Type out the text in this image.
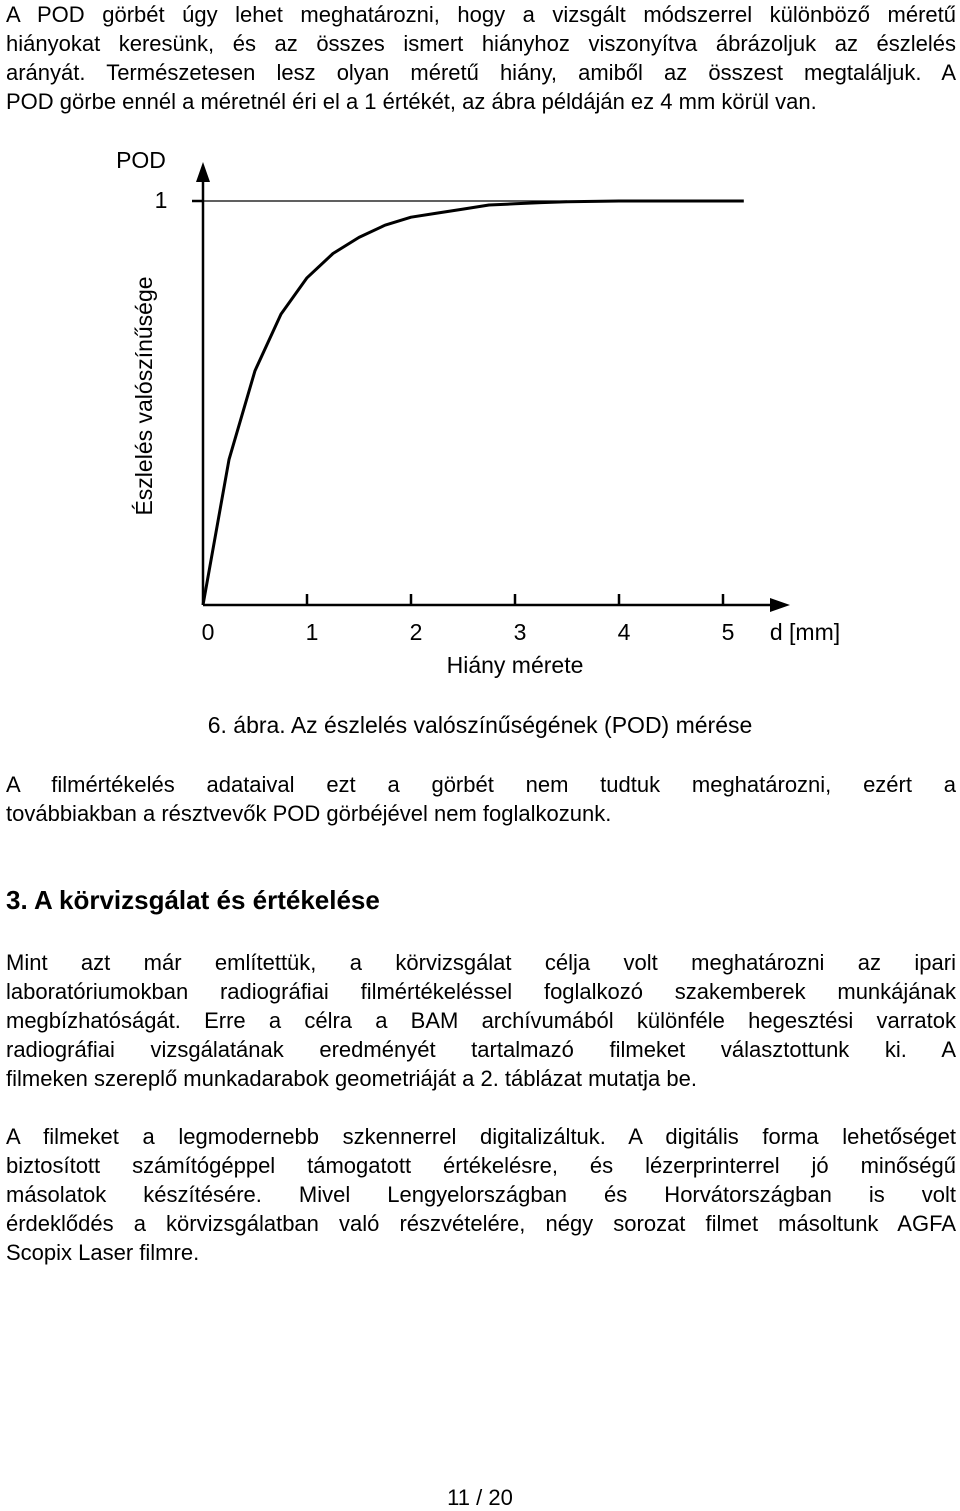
A POD görbét úgy lehet meghatározni, hogy a vizsgált módszerrel különböző méretű
hiányokat keresünk, és az összes ismert hiányhoz viszonyítva ábrázoljuk az észlelés
arányát. Természetesen lesz olyan méretű hiány, amiből az összest megtaláljuk. A
POD görbe ennél a méretnél éri el a 1 értékét, az ábra példáján ez 4 mm körül van.

POD
1
Észlelés valószínűsége
0	1	2	3	4	5 d [mm]
Hiány mérete

6. ábra. Az észlelés valószínűségének (POD) mérése

A filmértékelés adataival ezt a görbét nem tudtuk meghatározni, ezért a
továbbiakban a résztvevők POD görbéjével nem foglalkozunk.

3. A körvizsgálat és értékelése

Mint azt már említettük, a körvizsgálat célja volt meghatározni az ipari
laboratóriumokban radiográfiai filmértékeléssel foglalkozó szakemberek munkájának
megbízhatóságát. Erre a célra a BAM archívumából különféle hegesztési varratok
radiográfiai vizsgálatának eredményét tartalmazó filmeket választottunk ki. A
filmeken szereplő munkadarabok geometriáját a 2. táblázat mutatja be.

A filmeket a legmodernebb szkennerrel digitalizáltuk. A digitális forma lehetőséget
biztosított számítógéppel támogatott értékelésre, és lézerprinterrel jó minőségű
másolatok készítésére. Mivel Lengyelországban és Horvátországban is volt
érdeklődés a körvizsgálatban való részvételére, négy sorozat filmet másoltunk AGFA
Scopix Laser filmre.

11 / 20
